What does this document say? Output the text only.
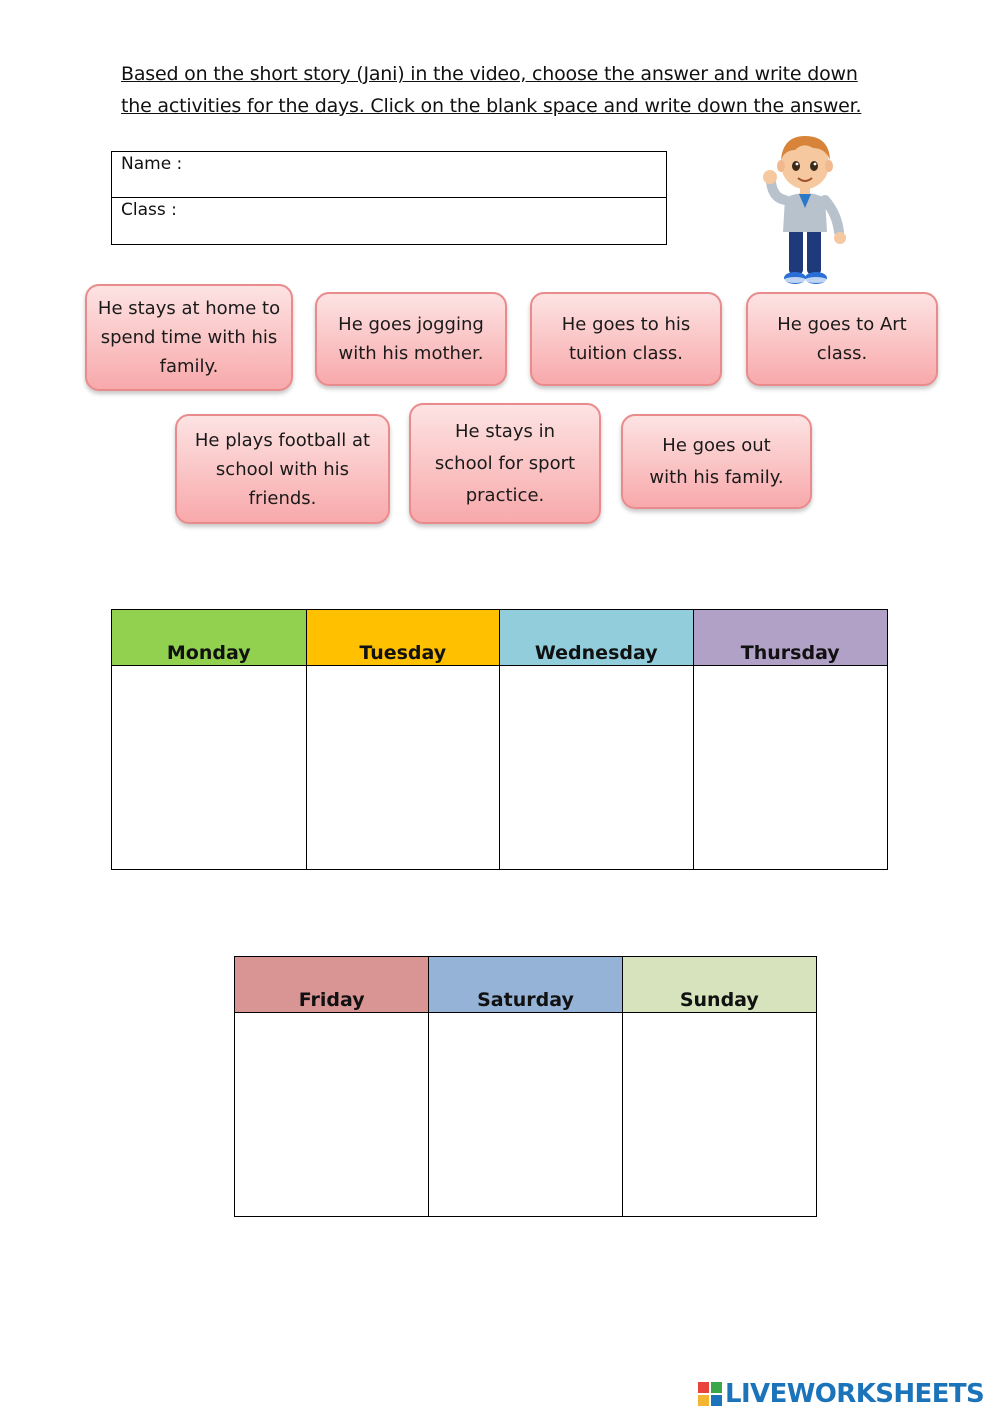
Based on the short story (Jani) in the video, choose the answer and write down
the activities for the days. Click on the blank space and write down the answer.
Name :
Class :
He stays at home to spend time with his family.
He goes jogging with his mother.
He goes to his tuition class.
He goes to Art class.
He plays football at school with his friends.
He stays in school for sport practice.
He goes out with his family.
Monday	Tuesday	Wednesday	Thursday
Friday	Saturday	Sunday
LIVEWORKSHEETS
